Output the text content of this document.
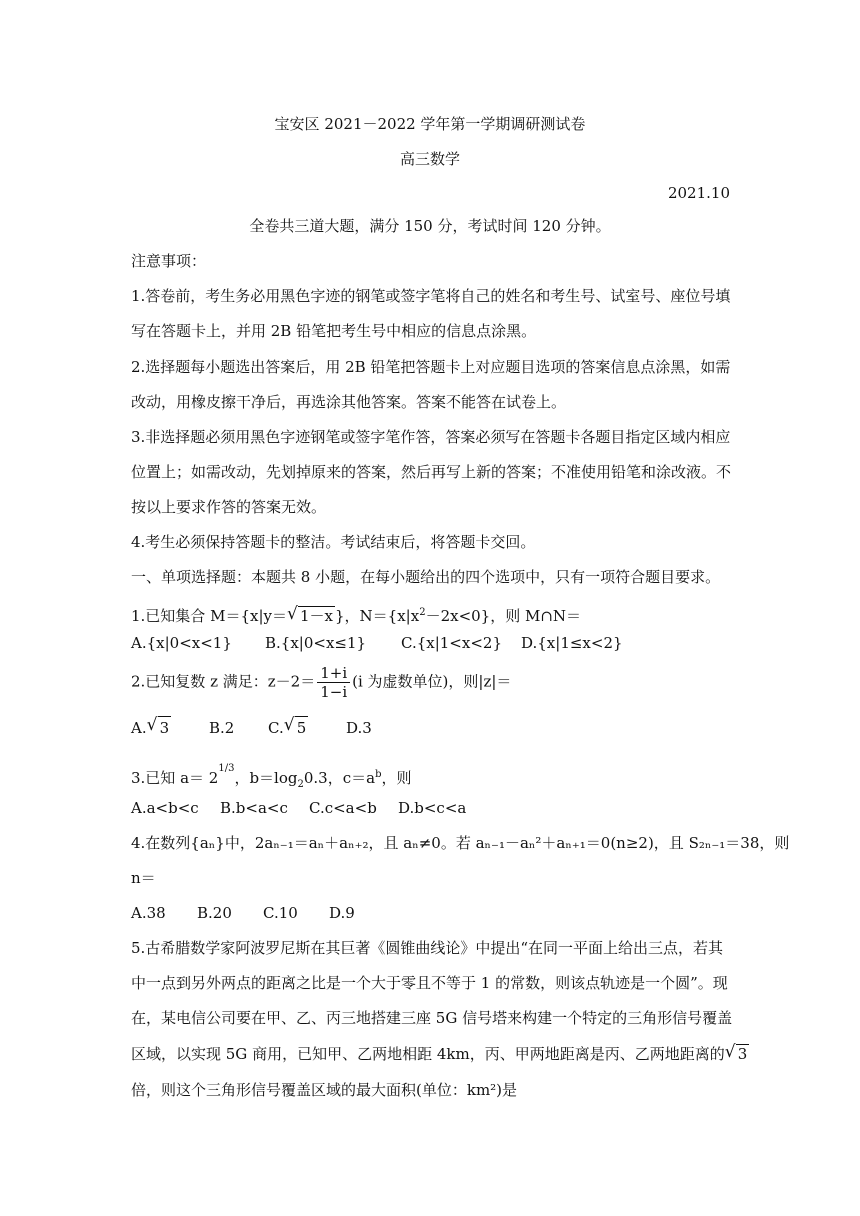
宝安区 2021－2022 学年第一学期调研测试卷
高三数学
2021.10
全卷共三道大题，满分 150 分，考试时间 120 分钟。
注意事项：
1.答卷前，考生务必用黑色字迹的钢笔或签字笔将自己的姓名和考生号、试室号、座位号填
写在答题卡上，并用 2B 铅笔把考生号中相应的信息点涂黑。
2.选择题每小题选出答案后，用 2B 铅笔把答题卡上对应题目选项的答案信息点涂黑，如需
改动，用橡皮擦干净后，再选涂其他答案。答案不能答在试卷上。
3.非选择题必须用黑色字迹钢笔或签字笔作答，答案必须写在答题卡各题目指定区域内相应
位置上；如需改动，先划掉原来的答案，然后再写上新的答案；不准使用铅笔和涂改液。不
按以上要求作答的答案无效。
4.考生必须保持答题卡的整洁。考试结束后，将答题卡交回。
一、单项选择题：本题共 8 小题，在每小题给出的四个选项中，只有一项符合题目要求。
1.已知集合 M＝{x|y＝ √ 1－x }，$N=\{x|x^2-2x<0\}$，则 M∩N＝
A.{x|0<x<1} B.{x|0<x≤1} C.{x|1<x<2} D.{x|1≤x<2}
2.已知复数 z 满足：$z-2= \frac{1+i}{1-i} (i$ 为虚数单位)，则|z|＝
A. √ 3	B.2 C. √ 5	D.3
3.已知 $a= 2^{1/3}$，$b=\log_20.3$，$c=a^b$，则
A.a<b<c B.b<a<c C.c<a<b D.b<c<a
4.在数列{aₙ}中，2aₙ₋₁＝aₙ＋aₙ₊₂，且 aₙ≠0。若 aₙ₋₁－aₙ²＋aₙ₊₁＝0(n≥2)，且 S₂ₙ₋₁＝38，则
n＝
A.38 B.20 C.10 D.9
5.古希腊数学家阿波罗尼斯在其巨著《圆锥曲线论》中提出“在同一平面上给出三点，若其
中一点到另外两点的距离之比是一个大于零且不等于 1 的常数，则该点轨迹是一个圆”。现
在，某电信公司要在甲、乙、丙三地搭建三座 5G 信号塔来构建一个特定的三角形信号覆盖
区域，以实现 5G 商用，已知甲、乙两地相距 4km，丙、甲两地距离是丙、乙两地距离的 √ 3
倍，则这个三角形信号覆盖区域的最大面积(单位：km²)是
